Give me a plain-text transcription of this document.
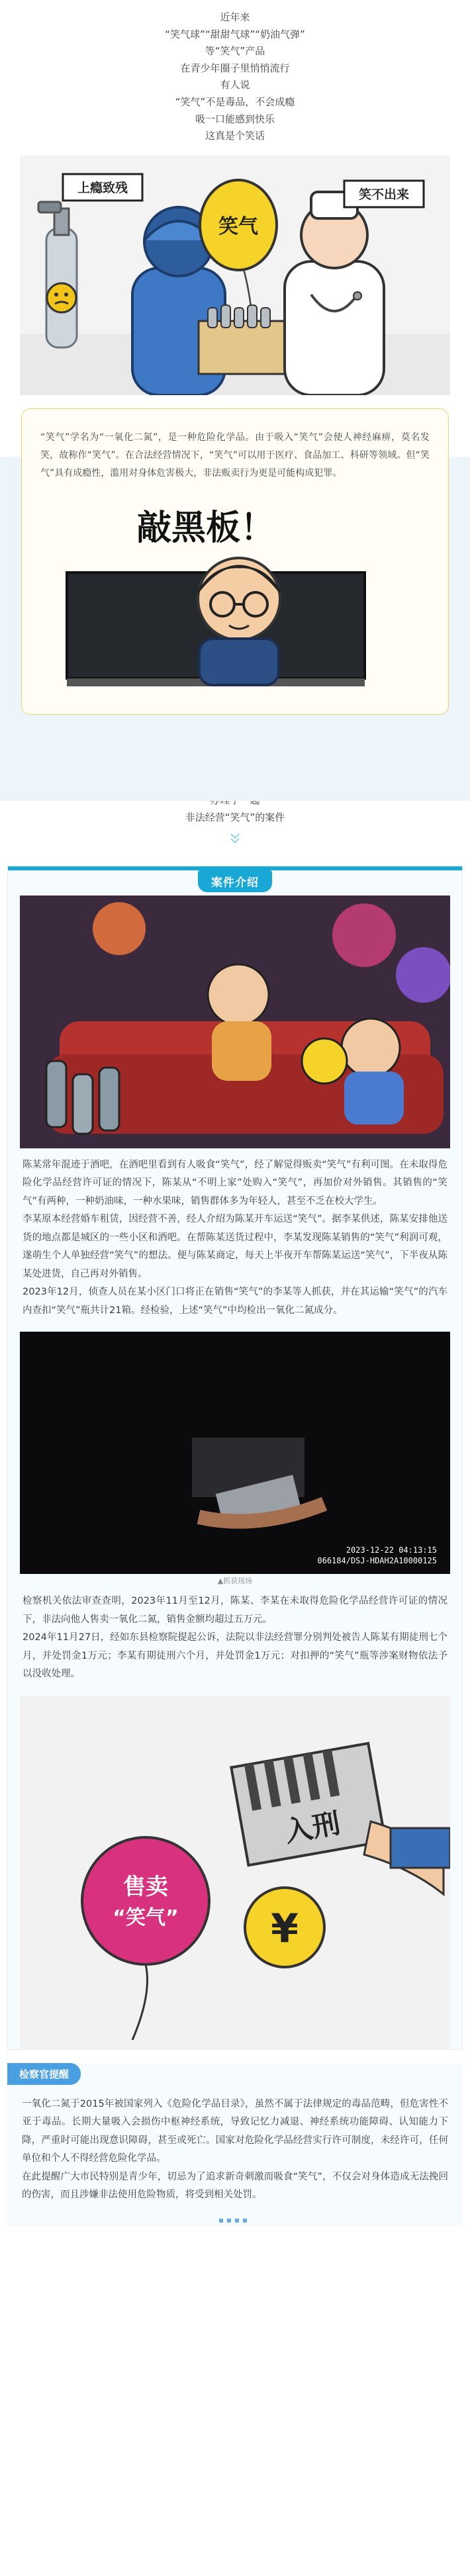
近年来
“笑气球”“甜甜气球”“奶油气弹”
等“笑气”产品
在青少年圈子里悄悄流行
有人说
“笑气”不是毒品，不会成瘾
吸一口能感到快乐
这真是个笑话
上瘾致残
笑气
笑不出来

“笑气”学名为“一氧化二氮”，是一种危险化学品。由于吸入“笑气”会使人神经麻痹，莫名发笑，故称作“笑气”。在合法经营情况下，“笑气”可以用于医疗、食品加工、科研等领域。但“笑气”具有成瘾性，滥用对身体危害极大，非法贩卖行为更是可能构成犯罪。

敲黑板！
非法经营“笑气”的案件
案件介绍

陈某常年混迹于酒吧，在酒吧里看到有人吸食“笑气”，经了解觉得贩卖“笑气”有利可图。在未取得危险化学品经营许可证的情况下，陈某从“不明上家”处购入“笑气”，再加价对外销售。其销售的“笑气”有两种，一种奶油味，一种水果味，销售群体多为年轻人，甚至不乏在校大学生。

李某原本经营婚车租赁，因经营不善，经人介绍为陈某开车运送“笑气”。据李某供述，陈某安排他送货的地点都是城区的一些小区和酒吧。在帮陈某送货过程中，李某发现陈某销售的“笑气”利润可观，遂萌生个人单独经营“笑气”的想法。便与陈某商定，每天上半夜开车帮陈某运送“笑气”，下半夜从陈某处进货，自己再对外销售。

2023年12月，侦查人员在某小区门口将正在销售“笑气”的李某等人抓获，并在其运输“笑气”的汽车内查扣“笑气”瓶共计21箱。经检验，上述“笑气”中均检出一氧化二氮成分。

2023-12-22 04:13:15
066184/DSJ-HDAH2A10000125
▲抓获现场

检察机关依法审查查明，2023年11月至12月，陈某、李某在未取得危险化学品经营许可证的情况下，非法向他人售卖一氧化二氮，销售金额均超过五万元。

2024年11月27日，经如东县检察院提起公诉，法院以非法经营罪分别判处被告人陈某有期徒刑七个月，并处罚金1万元；李某有期徒刑六个月，并处罚金1万元；对扣押的“笑气”瓶等涉案财物依法予以没收处理。

入刑
售卖
“笑气” ¥
检察官提醒

一氧化二氮于2015年被国家列入《危险化学品目录》，虽然不属于法律规定的毒品范畴，但危害性不亚于毒品。长期大量吸入会损伤中枢神经系统，导致记忆力减退、神经系统功能障碍、认知能力下降，严重时可能出现意识障碍，甚至或死亡。国家对危险化学品经营实行许可制度，未经许可，任何单位和个人不得经营危险化学品。

在此提醒广大市民特别是青少年，切忌为了追求新奇刺激而吸食“笑气”，不仅会对身体造成无法挽回的伤害，而且涉嫌非法使用危险物质，将受到相关处罚。
